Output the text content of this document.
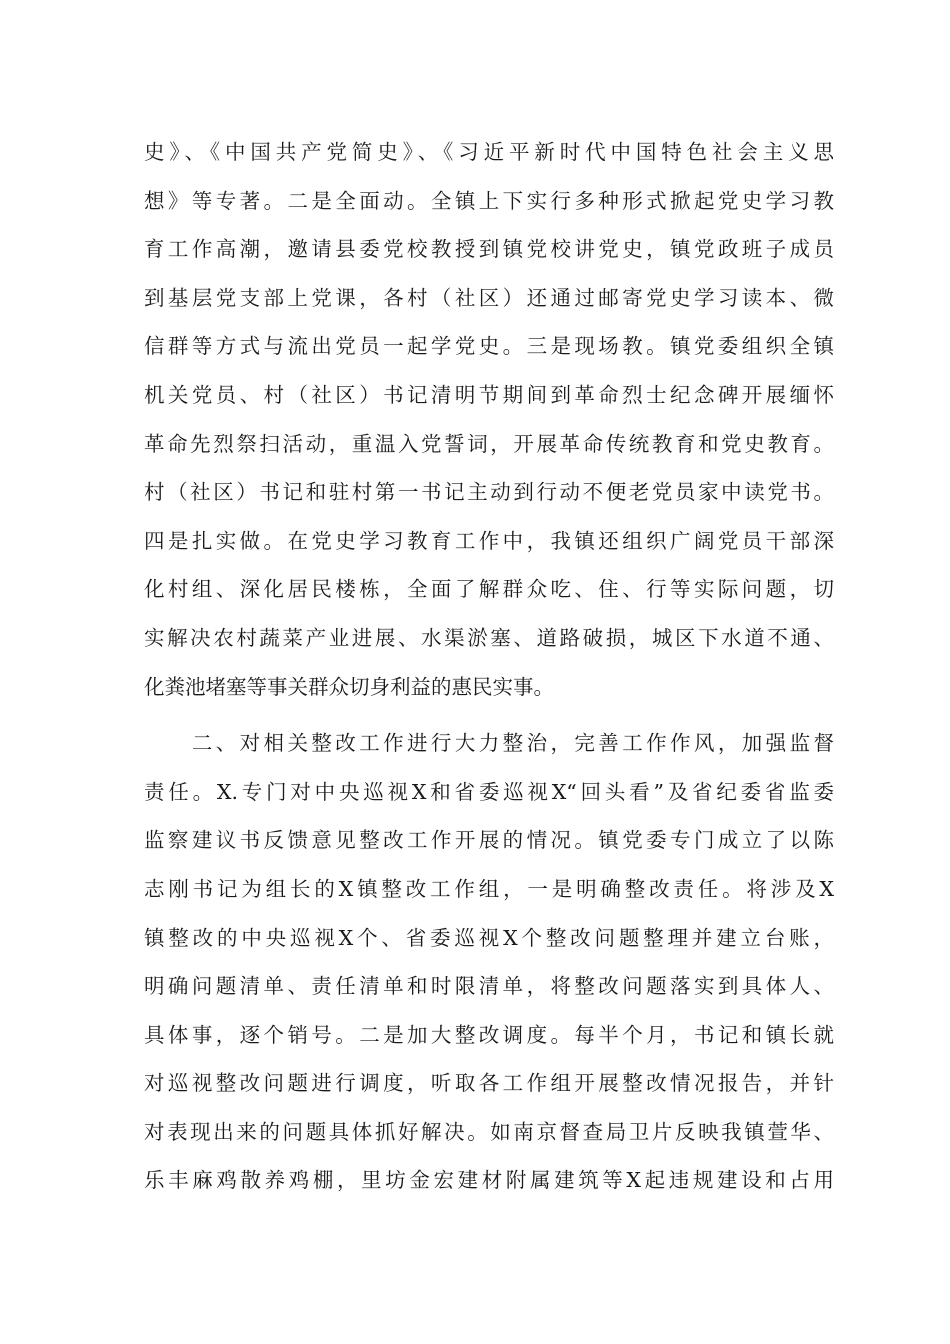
史》、《中国共产党简史》、《习近平新时代中国特色社会主义思
想》等专著。二是全面动。全镇上下实行多种形式掀起党史学习教
育工作高潮，邀请县委党校教授到镇党校讲党史，镇党政班子成员
到基层党支部上党课，各村（社区）还通过邮寄党史学习读本、微
信群等方式与流出党员一起学党史。三是现场教。镇党委组织全镇
机关党员、村（社区）书记清明节期间到革命烈士纪念碑开展缅怀
革命先烈祭扫活动，重温入党誓词，开展革命传统教育和党史教育。
村（社区）书记和驻村第一书记主动到行动不便老党员家中读党书。
四是扎实做。在党史学习教育工作中，我镇还组织广阔党员干部深
化村组、深化居民楼栋，全面了解群众吃、住、行等实际问题，切
实解决农村蔬菜产业进展、水渠淤塞、道路破损，城区下水道不通、
化粪池堵塞等事关群众切身利益的惠民实事。
　　二、对相关整改工作进行大力整治，完善工作作风，加强监督
责任。X.专门对中央巡视X和省委巡视X“回头看”及省纪委省监委
监察建议书反馈意见整改工作开展的情况。镇党委专门成立了以陈
志刚书记为组长的X镇整改工作组，一是明确整改责任。将涉及X
镇整改的中央巡视X个、省委巡视X个整改问题整理并建立台账，
明确问题清单、责任清单和时限清单，将整改问题落实到具体人、
具体事，逐个销号。二是加大整改调度。每半个月，书记和镇长就
对巡视整改问题进行调度，听取各工作组开展整改情况报告，并针
对表现出来的问题具体抓好解决。如南京督查局卫片反映我镇萱华、
乐丰麻鸡散养鸡棚，里坊金宏建材附属建筑等X起违规建设和占用
